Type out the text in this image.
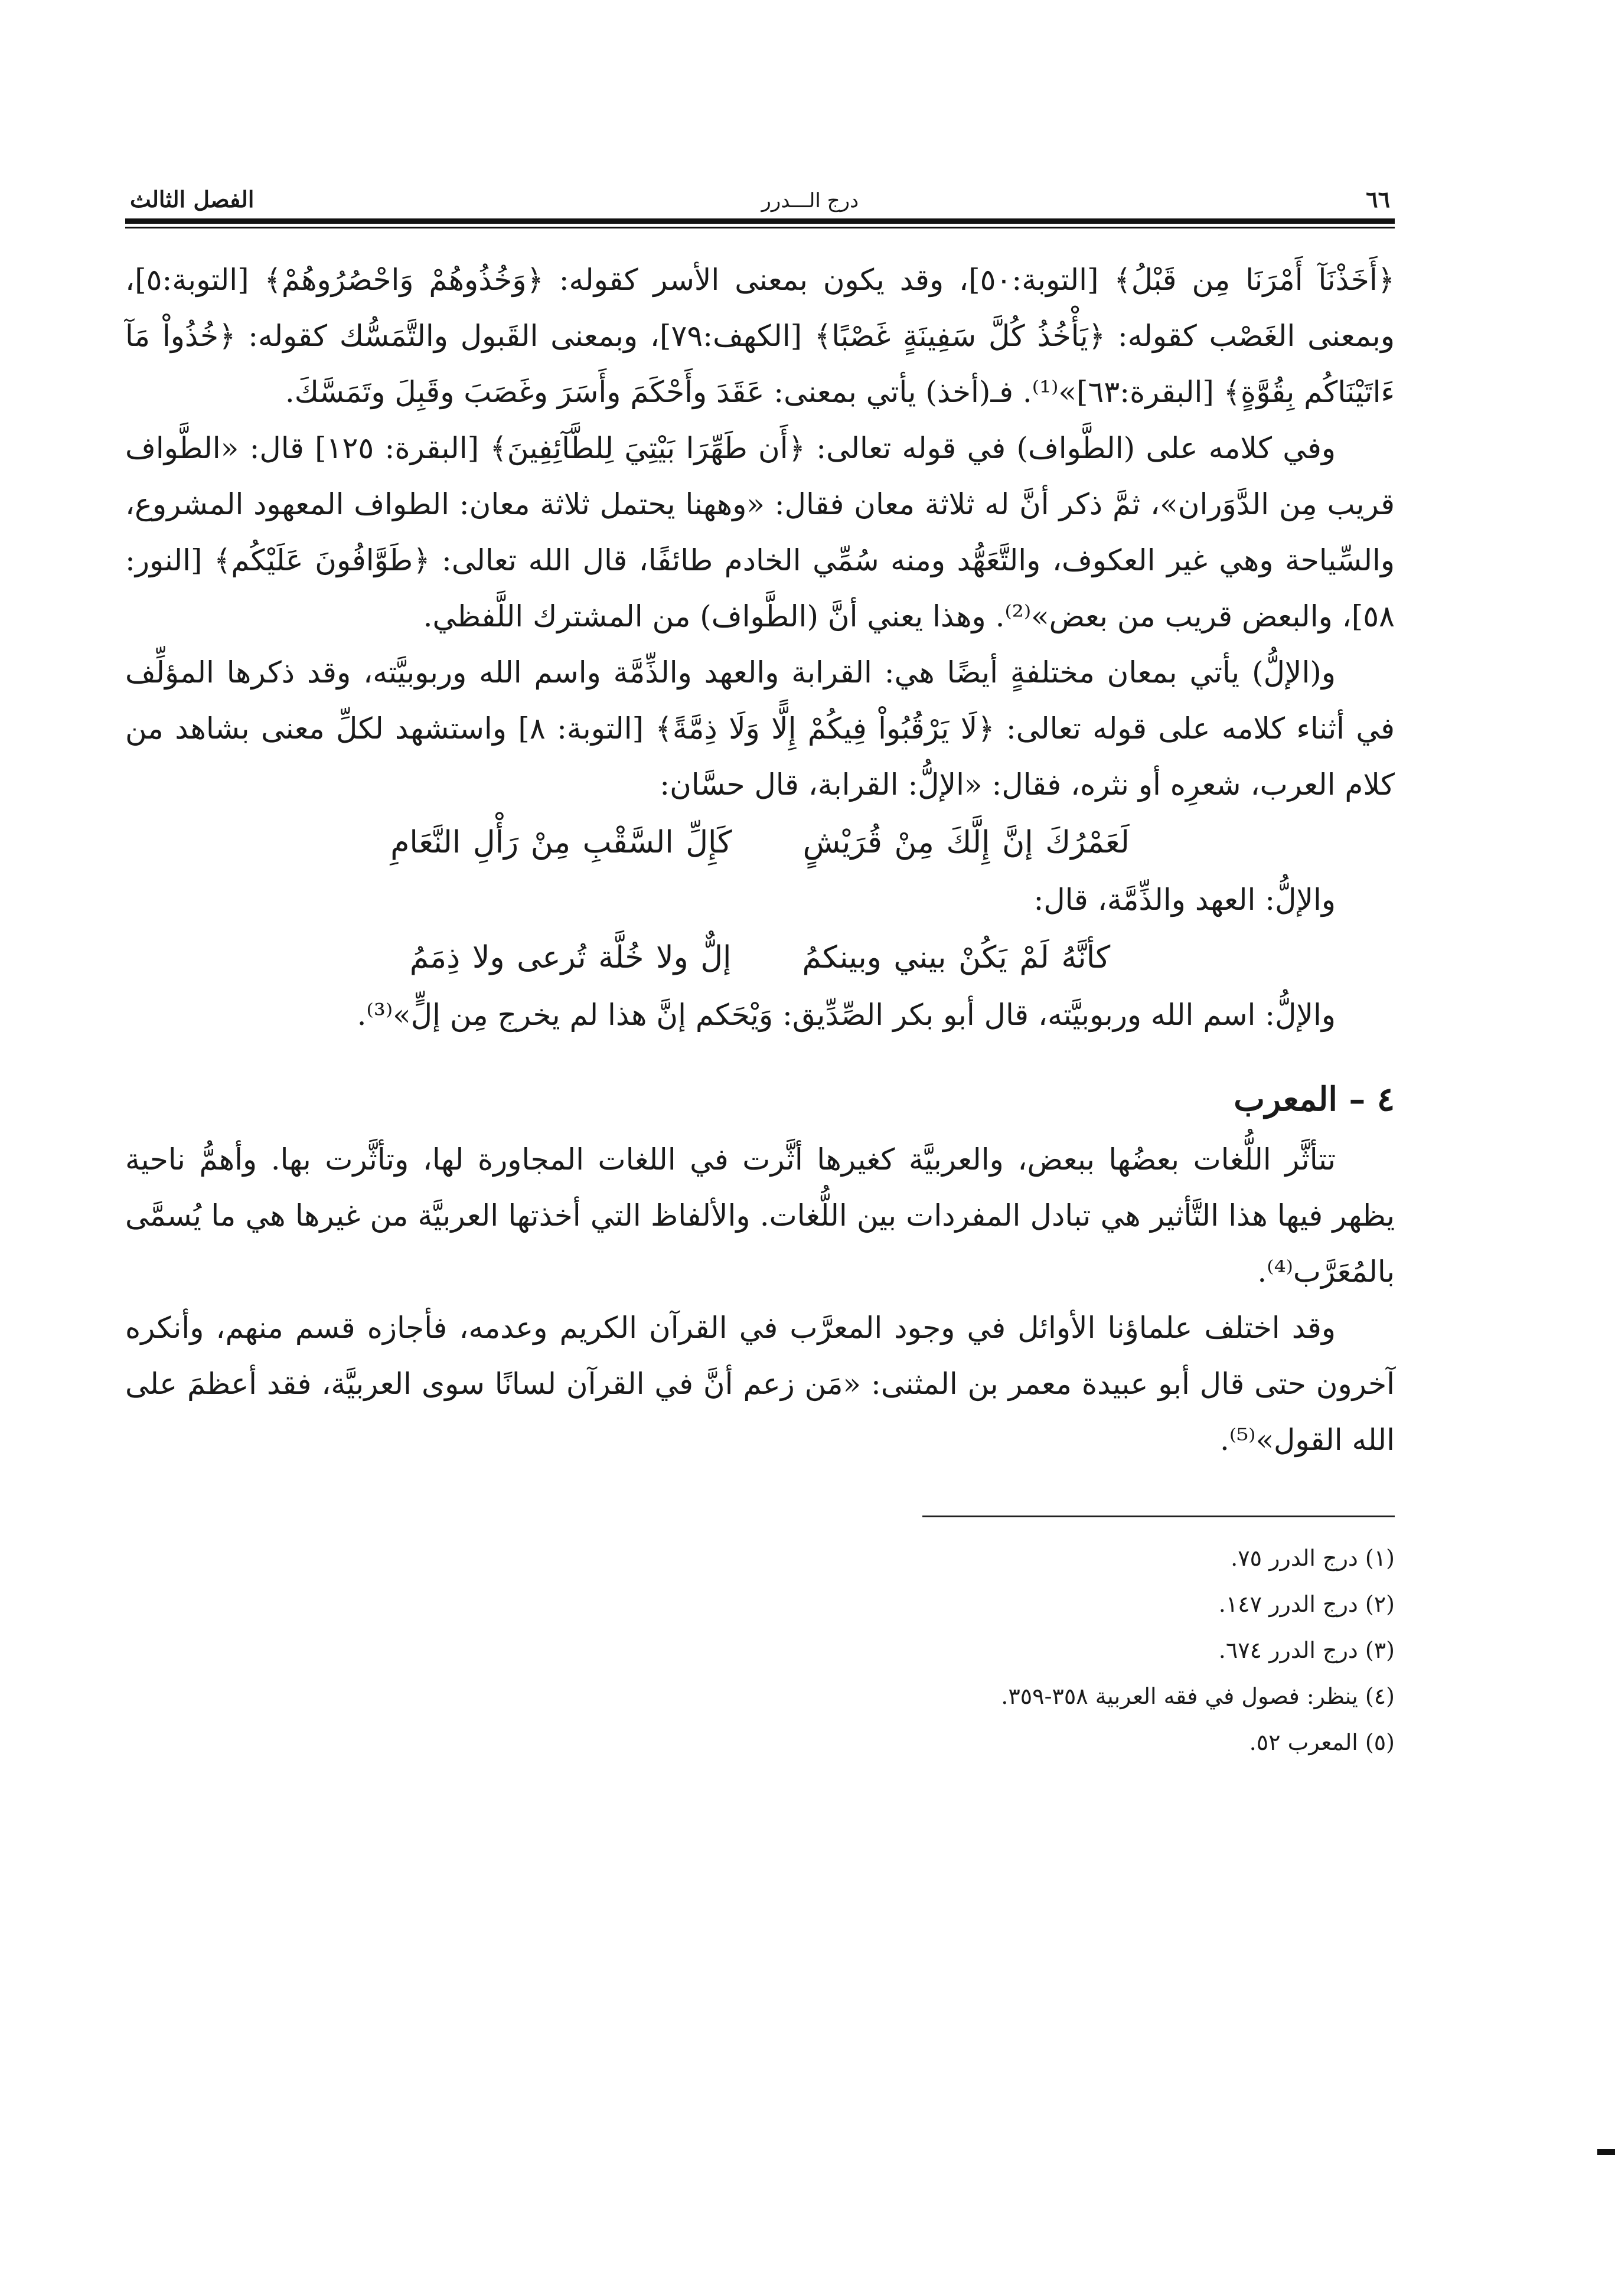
٦٦
درج الـــدرر
الفصل الثالث

﴿أَخَذْنَآ أَمْرَنَا مِن قَبْلُ﴾ [التوبة:٥٠]، وقد يكون بمعنى الأسر كقوله: ﴿وَخُذُوهُمْ وَاحْصُرُوهُمْ﴾ [التوبة:٥]، وبمعنى الغَصْب كقوله: ﴿يَأْخُذُ كُلَّ سَفِينَةٍ غَصْبًا﴾ [الكهف:٧٩]، وبمعنى القَبول والتَّمَسُّك كقوله: ﴿خُذُواْ مَآ ءَاتَيْنَاكُم بِقُوَّةٍ﴾ [البقرة:٦٣]»⁽¹⁾. فـ(أخذ) يأتي بمعنى: عَقَدَ وأَحْكَمَ وأَسَرَ وغَصَبَ وقَبِلَ وتَمَسَّكَ.

وفي كلامه على (الطَّواف) في قوله تعالى: ﴿أَن طَهِّرَا بَيْتِيَ لِلطَّآئِفِينَ﴾ [البقرة: ١٢٥] قال: «الطَّواف قريب مِن الدَّوَران»، ثمَّ ذكر أنَّ له ثلاثة معان فقال: «وههنا يحتمل ثلاثة معان: الطواف المعهود المشروع، والسِّياحة وهي غير العكوف، والتَّعَهُّد ومنه سُمِّي الخادم طائفًا، قال الله تعالى: ﴿طَوَّافُونَ عَلَيْكُم﴾ [النور: ٥٨]، والبعض قريب من بعض»⁽²⁾. وهذا يعني أنَّ (الطَّواف) من المشترك اللَّفظي.

و(الإلُّ) يأتي بمعان مختلفةٍ أيضًا هي: القرابة والعهد والذِّمَّة واسم الله وربوبيَّته، وقد ذكرها المؤلِّف في أثناء كلامه على قوله تعالى: ﴿لَا يَرْقُبُواْ فِيكُمْ إِلًّا وَلَا ذِمَّةً﴾ [التوبة: ٨] واستشهد لكلِّ معنى بشاهد من كلام العرب، شعرِه أو نثره، فقال: «الإلُّ: القرابة، قال حسَّان:

لَعَمْرُكَ إنَّ إِلَّكَ مِنْ قُرَيْشٍكَإِلِّ السَّقْبِ مِنْ رَأْلِ النَّعَامِ

والإلُّ: العهد والذِّمَّة، قال:

كأنَّهُ لَمْ يَكُنْ بيني وبينكمُإلٌّ ولا خُلَّة تُرعى ولا ذِمَمُ

والإلُّ: اسم الله وربوبيَّته، قال أبو بكر الصِّدِّيق: وَيْحَكم إنَّ هذا لم يخرج مِن إلٍّ»⁽³⁾.

٤ – المعرب

تتأثَّر اللُّغات بعضُها ببعض، والعربيَّة كغيرها أثَّرت في اللغات المجاورة لها، وتأثَّرت بها. وأهمُّ ناحية يظهر فيها هذا التَّأثير هي تبادل المفردات بين اللُّغات. والألفاظ التي أخذتها العربيَّة من غيرها هي ما يُسمَّى بالمُعَرَّب⁽⁴⁾.

وقد اختلف علماؤنا الأوائل في وجود المعرَّب في القرآن الكريم وعدمه، فأجازه قسم منهم، وأنكره آخرون حتى قال أبو عبيدة معمر بن المثنى: «مَن زعم أنَّ في القرآن لسانًا سوى العربيَّة، فقد أعظمَ على الله القول»⁽⁵⁾.

(١) درج الدرر ٧٥.

(٢) درج الدرر ١٤٧.

(٣) درج الدرر ٦٧٤.

(٤) ينظر: فصول في فقه العربية ٣٥٨-٣٥٩.

(٥) المعرب ٥٢.
